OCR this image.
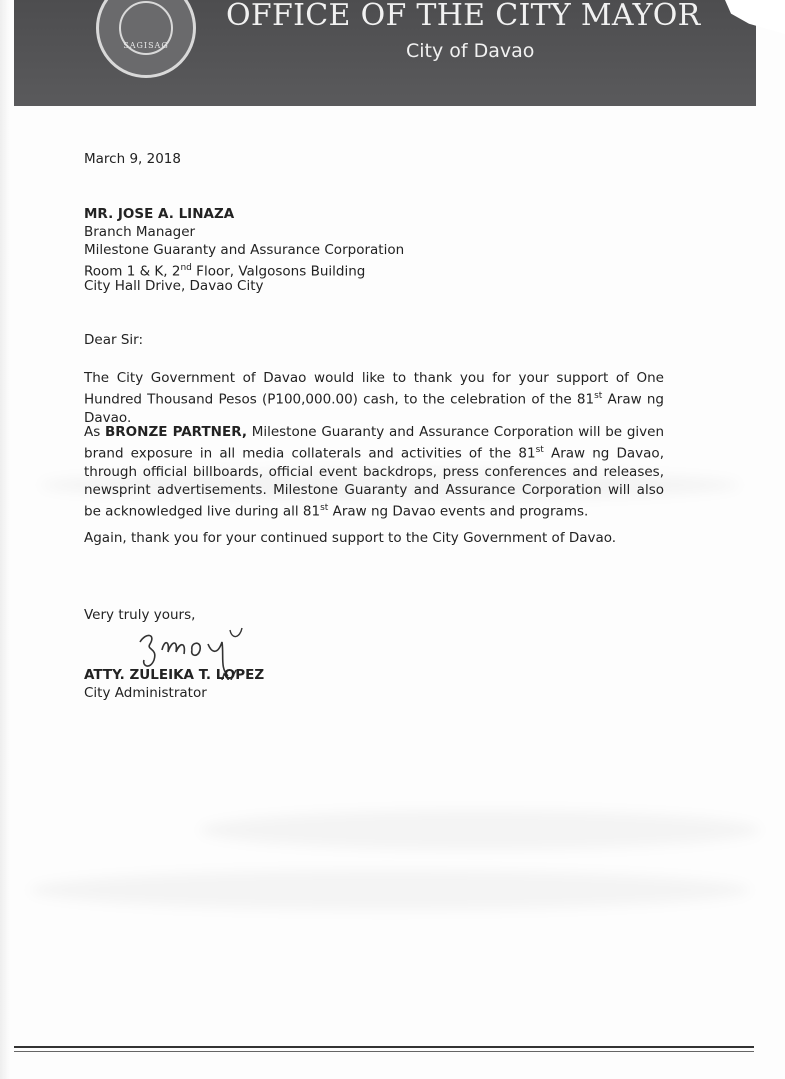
SAGISAG
OFFICE OF THE CITY MAYOR
City of Davao
March 9, 2018
MR. JOSE A. LINAZA
Branch Manager
Milestone Guaranty and Assurance Corporation
Room 1 & K, 2nd Floor, Valgosons Building
City Hall Drive, Davao City
Dear Sir:
The City Government of Davao would like to thank you for your support of One Hundred Thousand Pesos (P100,000.00) cash, to the celebration of the 81st Araw ng Davao.
As BRONZE PARTNER, Milestone Guaranty and Assurance Corporation will be given brand exposure in all media collaterals and activities of the 81st Araw ng Davao, through official billboards, official event backdrops, press conferences and releases, newsprint advertisements. Milestone Guaranty and Assurance Corporation will also be acknowledged live during all 81st Araw ng Davao events and programs.
Again, thank you for your continued support to the City Government of Davao.
Very truly yours,
ATTY. ZULEIKA T. LOPEZ
City Administrator
